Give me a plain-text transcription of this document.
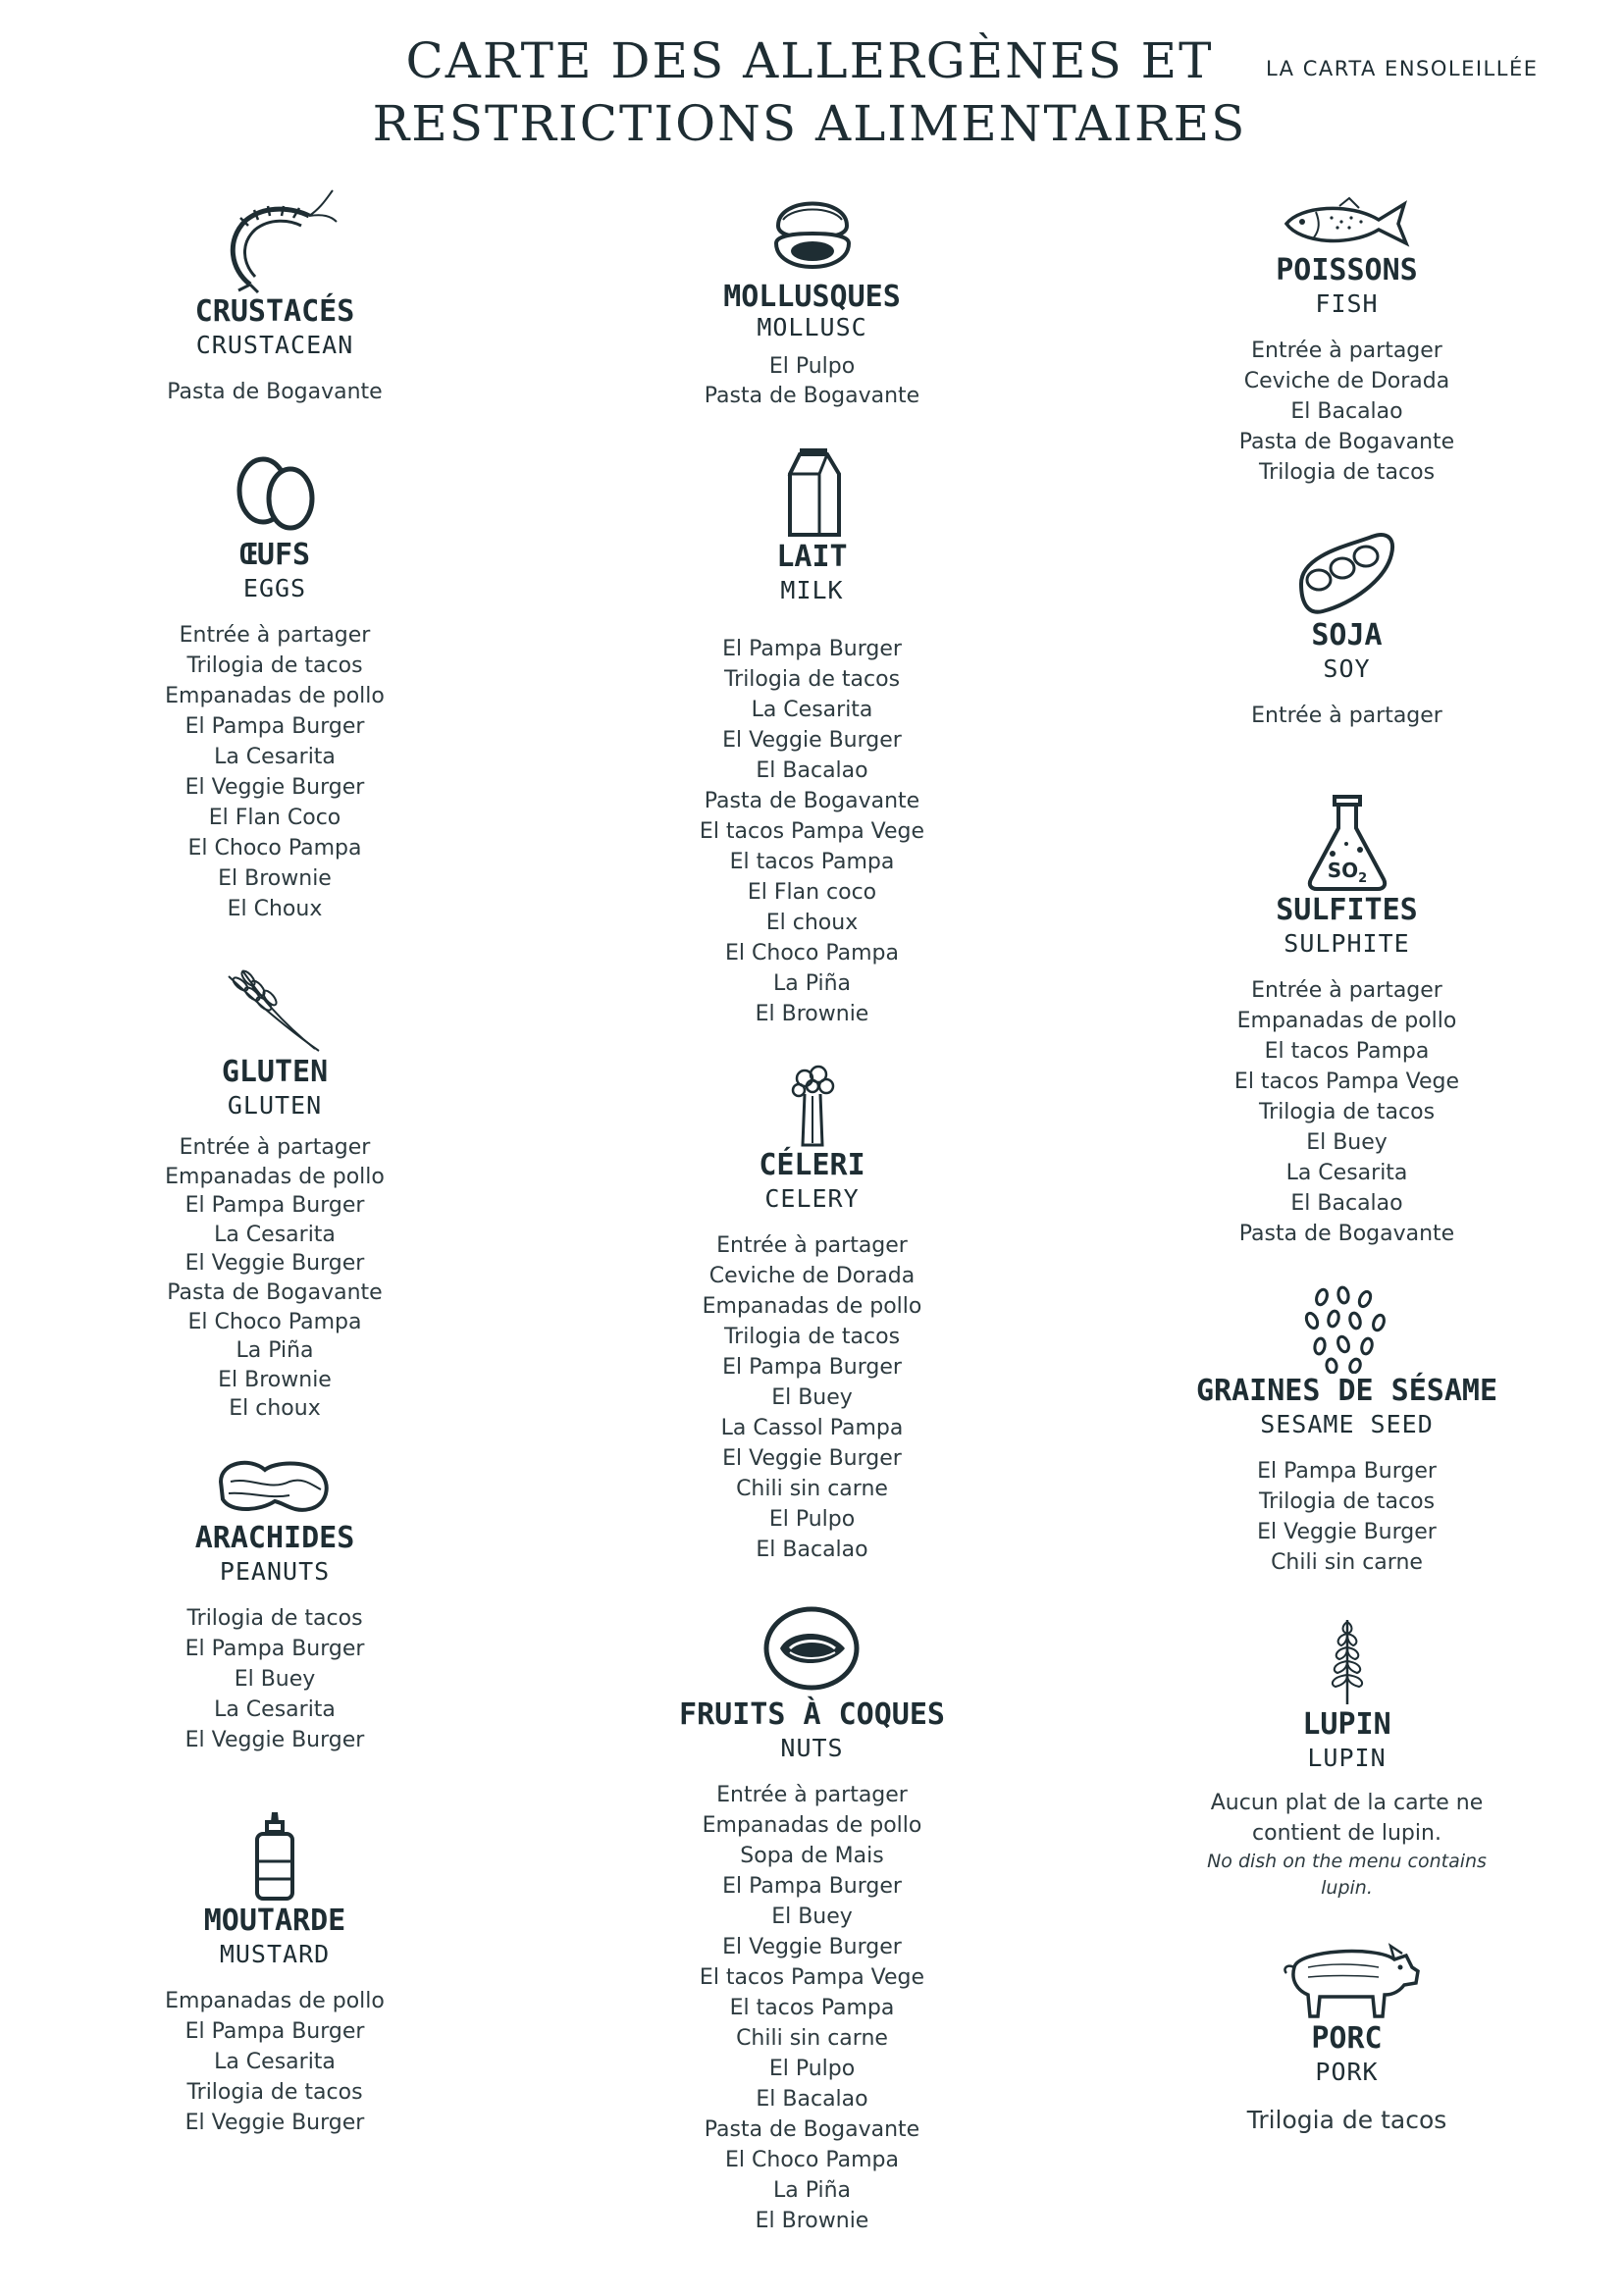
CARTE DES ALLERGÈNES ET
RESTRICTIONS ALIMENTAIRES
LA CARTA ENSOLEILLÉE
CRUSTACÉS
CRUSTACEAN
Pasta de Bogavante
ŒUFS
EGGS
Entrée à partager
Trilogia de tacos
Empanadas de pollo
El Pampa Burger
La Cesarita
El Veggie Burger
El Flan Coco
El Choco Pampa
El Brownie
El Choux
GLUTEN
GLUTEN
Entrée à partager
Empanadas de pollo
El Pampa Burger
La Cesarita
El Veggie Burger
Pasta de Bogavante
El Choco Pampa
La Piña
El Brownie
El choux
ARACHIDES
PEANUTS
Trilogia de tacos
El Pampa Burger
El Buey
La Cesarita
El Veggie Burger
MOUTARDE
MUSTARD
Empanadas de pollo
El Pampa Burger
La Cesarita
Trilogia de tacos
El Veggie Burger
MOLLUSQUES
MOLLUSC
El Pulpo
Pasta de Bogavante
LAIT
MILK
El Pampa Burger
Trilogia de tacos
La Cesarita
El Veggie Burger
El Bacalao
Pasta de Bogavante
El tacos Pampa Vege
El tacos Pampa
El Flan coco
El choux
El Choco Pampa
La Piña
El Brownie
CÉLERI
CELERY
Entrée à partager
Ceviche de Dorada
Empanadas de pollo
Trilogia de tacos
El Pampa Burger
El Buey
La Cassol Pampa
El Veggie Burger
Chili sin carne
El Pulpo
El Bacalao
FRUITS À COQUES
NUTS
Entrée à partager
Empanadas de pollo
Sopa de Mais
El Pampa Burger
El Buey
El Veggie Burger
El tacos Pampa Vege
El tacos Pampa
Chili sin carne
El Pulpo
El Bacalao
Pasta de Bogavante
El Choco Pampa
La Piña
El Brownie
POISSONS
FISH
Entrée à partager
Ceviche de Dorada
El Bacalao
Pasta de Bogavante
Trilogia de tacos
SOJA
SOY
Entrée à partager
$SO_2$
SULFITES
SULPHITE
Entrée à partager
Empanadas de pollo
El tacos Pampa
El tacos Pampa Vege
Trilogia de tacos
El Buey
La Cesarita
El Bacalao
Pasta de Bogavante
GRAINES DE SÉSAME
SESAME SEED
El Pampa Burger
Trilogia de tacos
El Veggie Burger
Chili sin carne
LUPIN
LUPIN
Aucun plat de la carte ne
contient de lupin.
No dish on the menu contains
lupin.
PORC
PORK
Trilogia de tacos
